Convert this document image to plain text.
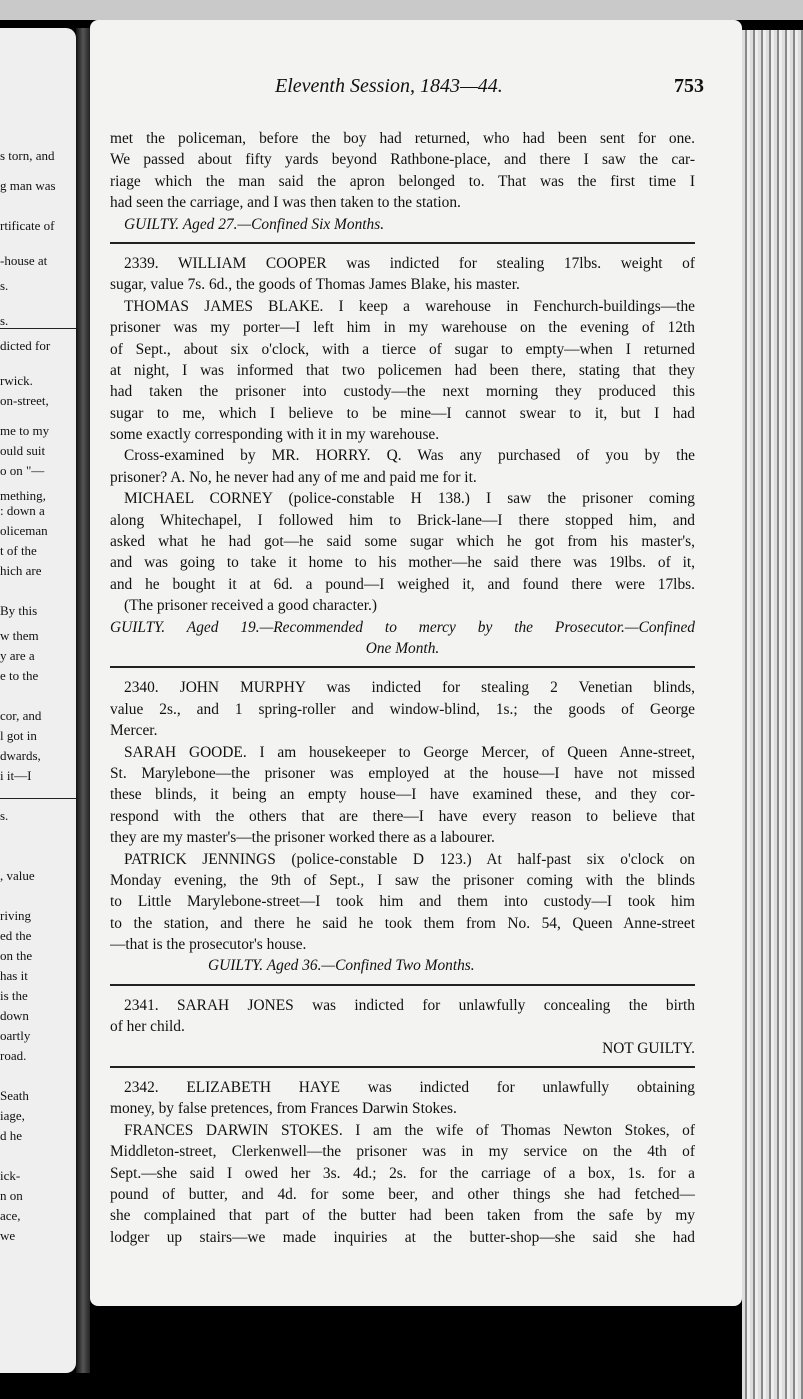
s torn, and
g man was
rtificate of
-house at
s.
s.
dicted for
rwick.
on-street,
me to my
ould suit
o on "—
mething,
: down a
oliceman
t of the
hich are
By this
w them
y are a
e to the
cor, and
l got in
dwards,
i it—I
s.
, value
riving
ed the
on the
has it
is the
down
oartly
road.
Seath
iage,
d he
ick-
n on
ace,
we
Eleventh Session, 1843—44.	753
met the policeman, before the boy had returned, who had been sent for one.
We passed about fifty yards beyond Rathbone-place, and there I saw the car-
riage which the man said the apron belonged to. That was the first time I
had seen the carriage, and I was then taken to the station.
GUILTY. Aged 27.—Confined Six Months.
2339. WILLIAM COOPER was indicted for stealing 17lbs. weight of
sugar, value 7s. 6d., the goods of Thomas James Blake, his master.
THOMAS JAMES BLAKE. I keep a warehouse in Fenchurch-buildings—the
prisoner was my porter—I left him in my warehouse on the evening of 12th
of Sept., about six o'clock, with a tierce of sugar to empty—when I returned
at night, I was informed that two policemen had been there, stating that they
had taken the prisoner into custody—the next morning they produced this
sugar to me, which I believe to be mine—I cannot swear to it, but I had
some exactly corresponding with it in my warehouse.
Cross-examined by MR. HORRY. Q. Was any purchased of you by the
prisoner? A. No, he never had any of me and paid me for it.
MICHAEL CORNEY (police-constable H 138.) I saw the prisoner coming
along Whitechapel, I followed him to Brick-lane—I there stopped him, and
asked what he had got—he said some sugar which he got from his master's,
and was going to take it home to his mother—he said there was 19lbs. of it,
and he bought it at 6d. a pound—I weighed it, and found there were 17lbs.
(The prisoner received a good character.)
GUILTY. Aged 19.—Recommended to mercy by the Prosecutor.—Confined
One Month.
2340. JOHN MURPHY was indicted for stealing 2 Venetian blinds,
value 2s., and 1 spring-roller and window-blind, 1s.; the goods of George
Mercer.
SARAH GOODE. I am housekeeper to George Mercer, of Queen Anne-street,
St. Marylebone—the prisoner was employed at the house—I have not missed
these blinds, it being an empty house—I have examined these, and they cor-
respond with the others that are there—I have every reason to believe that
they are my master's—the prisoner worked there as a labourer.
PATRICK JENNINGS (police-constable D 123.) At half-past six o'clock on
Monday evening, the 9th of Sept., I saw the prisoner coming with the blinds
to Little Marylebone-street—I took him and them into custody—I took him
to the station, and there he said he took them from No. 54, Queen Anne-street
—that is the prosecutor's house.
GUILTY. Aged 36.—Confined Two Months.
2341. SARAH JONES was indicted for unlawfully concealing the birth
of her child.
NOT GUILTY.
2342. ELIZABETH HAYE was indicted for unlawfully obtaining
money, by false pretences, from Frances Darwin Stokes.
FRANCES DARWIN STOKES. I am the wife of Thomas Newton Stokes, of
Middleton-street, Clerkenwell—the prisoner was in my service on the 4th of
Sept.—she said I owed her 3s. 4d.; 2s. for the carriage of a box, 1s. for a
pound of butter, and 4d. for some beer, and other things she had fetched—
she complained that part of the butter had been taken from the safe by my
lodger up stairs—we made inquiries at the butter-shop—she said she had
